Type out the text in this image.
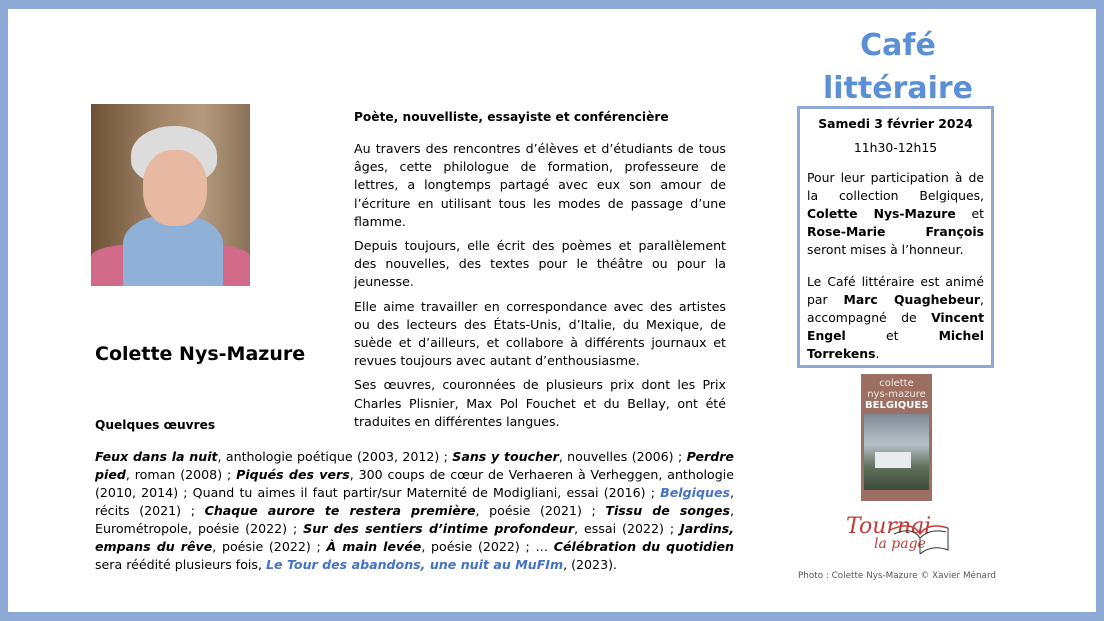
Colette Nys-Mazure
Poète, nouvelliste, essayiste et conférencière

Au travers des rencontres d’élèves et d’étudiants de tous âges, cette philologue de formation, professeure de lettres, a longtemps partagé avec eux son amour de l’écriture en utilisant tous les modes de passage d’une flamme.

Depuis toujours, elle écrit des poèmes et parallèlement des nouvelles, des textes pour le théâtre ou pour la jeunesse.

Elle aime travailler en correspondance avec des artistes ou des lecteurs des États-Unis, d’Italie, du Mexique, de suède et d’ailleurs, et collabore à différents journaux et revues toujours avec autant d’enthousiasme.

Ses œuvres, couronnées de plusieurs prix dont les Prix Charles Plisnier, Max Pol Fouchet et du Bellay, ont été traduites en différentes langues.

Quelques œuvres
Feux dans la nuit, anthologie poétique (2003, 2012) ; Sans y toucher, nouvelles (2006) ; Perdre pied, roman (2008) ; Piqués des vers, 300 coups de cœur de Verhaeren à Verheggen, anthologie (2010, 2014) ; Quand tu aimes il faut partir/sur Maternité de Modigliani, essai (2016) ; Belgiques, récits (2021) ; Chaque aurore te restera première, poésie (2021) ; Tissu de songes, Eurométropole, poésie (2022) ; Sur des sentiers d’intime profondeur, essai (2022) ; Jardins, empans du rêve, poésie (2022) ; À main levée, poésie (2022) ; … Célébration du quotidien sera réédité plusieurs fois, Le Tour des abandons, une nuit au MuFIm, (2023).
Café
littéraire
Samedi 3 février 2024
11h30-12h15

Pour leur participation à de la collection Belgiques, Colette Nys-Mazure et Rose-Marie François seront mises à l’honneur.

Le Café littéraire est animé par Marc Quaghebeur, accompagné de Vincent Engel et Michel Torrekens.

colette
nys-mazure
BELGIQUES
Tournai
la page
Photo : Colette Nys-Mazure © Xavier Ménard
